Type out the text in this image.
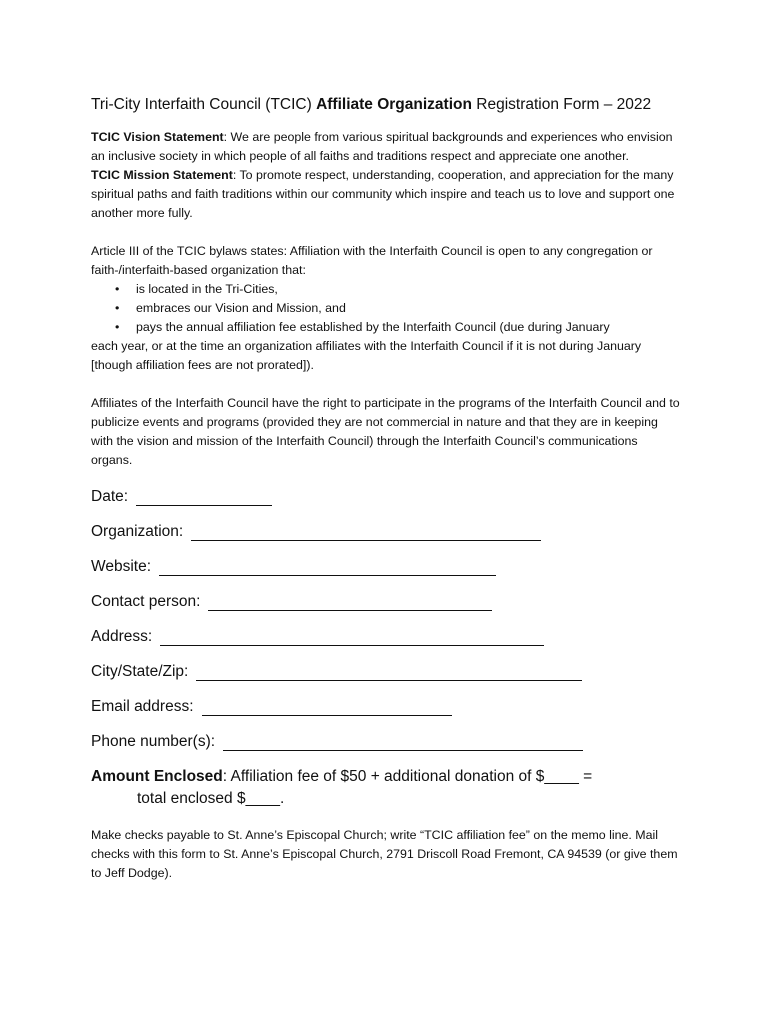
Tri-City Interfaith Council (TCIC) Affiliate Organization Registration Form – 2022

TCIC Vision Statement: We are people from various spiritual backgrounds and experiences who envision an inclusive society in which people of all faiths and traditions respect and appreciate one another.

TCIC Mission Statement: To promote respect, understanding, cooperation, and appreciation for the many spiritual paths and faith traditions within our community which inspire and teach us to love and support one another more fully.

Article III of the TCIC bylaws states: Affiliation with the Interfaith Council is open to any congregation or faith-/interfaith-based organization that:

• is located in the Tri-Cities,
• embraces our Vision and Mission, and
• pays the annual affiliation fee established by the Interfaith Council (due during January

each year, or at the time an organization affiliates with the Interfaith Council if it is not during January [though affiliation fees are not prorated]).

Affiliates of the Interfaith Council have the right to participate in the programs of the Interfaith Council and to publicize events and programs (provided they are not commercial in nature and that they are in keeping with the vision and mission of the Interfaith Council) through the Interfaith Council’s communications organs.

Date:
Organization:
Website:
Contact person:
Address:
City/State/Zip:
Email address:
Phone number(s):
Amount Enclosed: Affiliation fee of $50 + additional donation of $____ =
total enclosed $____.

Make checks payable to St. Anne’s Episcopal Church; write “TCIC affiliation fee” on the memo line. Mail checks with this form to St. Anne’s Episcopal Church, 2791 Driscoll Road Fremont, CA 94539 (or give them to Jeff Dodge).
